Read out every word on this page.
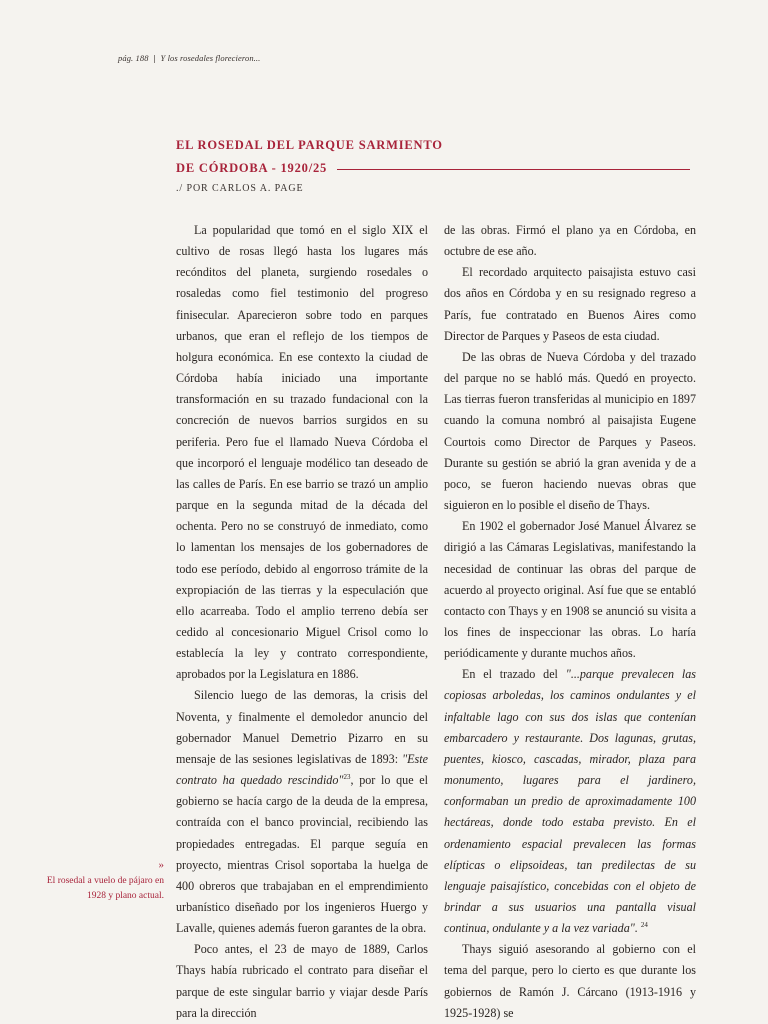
pág. 188 | Y los rosedales florecieron...
EL ROSEDAL DEL PARQUE SARMIENTO
DE CÓRDOBA - 1920/25
./ POR CARLOS A. PAGE

La popularidad que tomó en el siglo XIX el cultivo de rosas llegó hasta los lugares más recónditos del planeta, surgiendo rosedales o rosaledas como fiel testimonio del progreso finisecular. Aparecieron sobre todo en parques urbanos, que eran el reflejo de los tiempos de holgura económica. En ese contexto la ciudad de Córdoba había iniciado una importante transformación en su trazado fundacional con la concreción de nuevos barrios surgidos en su periferia. Pero fue el llamado Nueva Córdoba el que incorporó el lenguaje modélico tan deseado de las calles de París. En ese barrio se trazó un amplio parque en la segunda mitad de la década del ochenta. Pero no se construyó de inmediato, como lo lamentan los mensajes de los gobernadores de todo ese período, debido al engorroso trámite de la expropiación de las tierras y la especulación que ello acarreaba. Todo el amplio terreno debía ser cedido al concesionario Miguel Crisol como lo establecía la ley y contrato correspondiente, aprobados por la Legislatura en 1886.

Silencio luego de las demoras, la crisis del Noventa, y finalmente el demoledor anuncio del gobernador Manuel Demetrio Pizarro en su mensaje de las sesiones legislativas de 1893: "Este contrato ha quedado rescindido"$^{23}$, por lo que el gobierno se hacía cargo de la deuda de la empresa, contraída con el banco provincial, recibiendo las propiedades entregadas. El parque seguía en proyecto, mientras Crisol soportaba la huelga de 400 obreros que trabajaban en el emprendimiento urbanístico diseñado por los ingenieros Huergo y Lavalle, quienes además fueron garantes de la obra.

Poco antes, el 23 de mayo de 1889, Carlos Thays había rubricado el contrato para diseñar el parque de este singular barrio y viajar desde París para la dirección

de las obras. Firmó el plano ya en Córdoba, en octubre de ese año.

El recordado arquitecto paisajista estuvo casi dos años en Córdoba y en su resignado regreso a París, fue contratado en Buenos Aires como Director de Parques y Paseos de esta ciudad.

De las obras de Nueva Córdoba y del trazado del parque no se habló más. Quedó en proyecto. Las tierras fueron transferidas al municipio en 1897 cuando la comuna nombró al paisajista Eugene Courtois como Director de Parques y Paseos. Durante su gestión se abrió la gran avenida y de a poco, se fueron haciendo nuevas obras que siguieron en lo posible el diseño de Thays.

En 1902 el gobernador José Manuel Álvarez se dirigió a las Cámaras Legislativas, manifestando la necesidad de continuar las obras del parque de acuerdo al proyecto original. Así fue que se entabló contacto con Thays y en 1908 se anunció su visita a los fines de inspeccionar las obras. Lo haría periódicamente y durante muchos años.

En el trazado del "...parque prevalecen las copiosas arboledas, los caminos ondulantes y el infaltable lago con sus dos islas que contenían embarcadero y restaurante. Dos lagunas, grutas, puentes, kiosco, cascadas, mirador, plaza para monumento, lugares para el jardinero, conformaban un predio de aproximadamente 100 hectáreas, donde todo estaba previsto. En el ordenamiento espacial prevalecen las formas elípticas o elipsoideas, tan predilectas de su lenguaje paisajístico, concebidas con el objeto de brindar a sus usuarios una pantalla visual continua, ondulante y a la vez variada". $^{24}$

Thays siguió asesorando al gobierno con el tema del parque, pero lo cierto es que durante los gobiernos de Ramón J. Cárcano (1913-1916 y 1925-1928) se

»
El rosedal a vuelo de pájaro en 1928 y plano actual.
